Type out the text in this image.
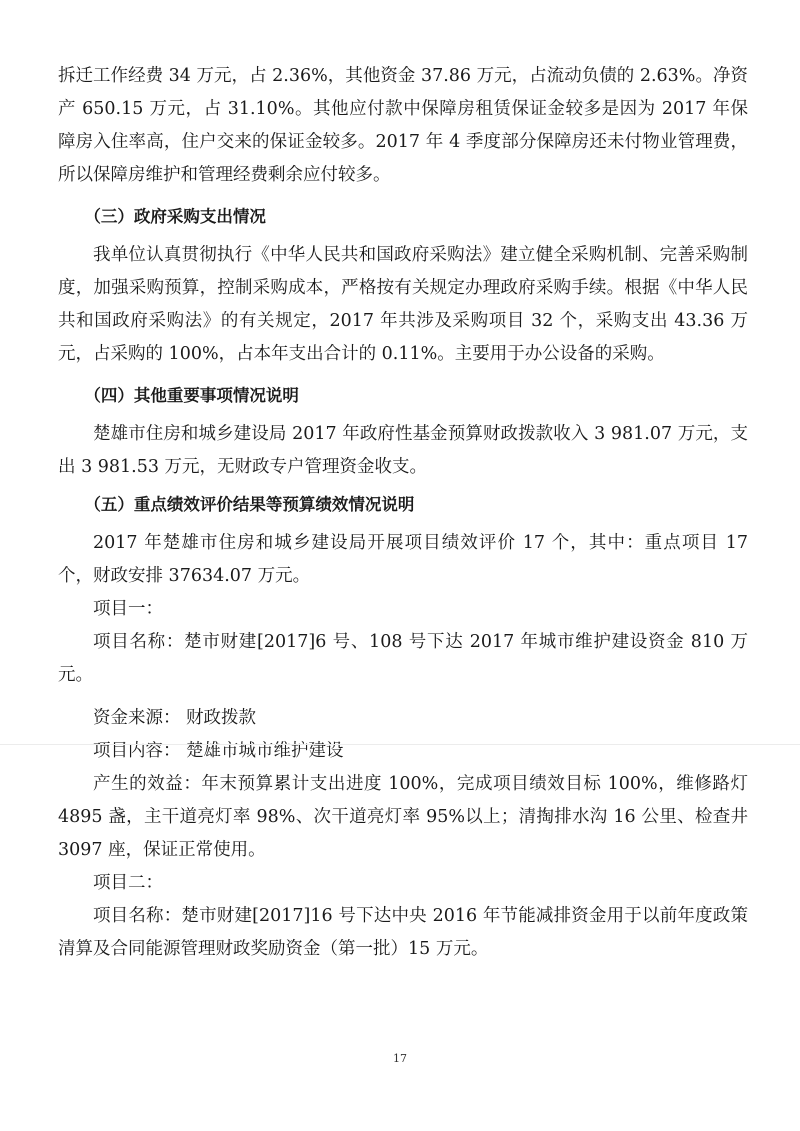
拆迁工作经费 34 万元，占 2.36%，其他资金 37.86 万元，占流动负债的 2.63%。净资产 650.15 万元，占 31.10%。其他应付款中保障房租赁保证金较多是因为 2017 年保障房入住率高，住户交来的保证金较多。2017 年 4 季度部分保障房还未付物业管理费，所以保障房维护和管理经费剩余应付较多。

（三）政府采购支出情况

我单位认真贯彻执行《中华人民共和国政府采购法》建立健全采购机制、完善采购制度，加强采购预算，控制采购成本，严格按有关规定办理政府采购手续。根据《中华人民共和国政府采购法》的有关规定，2017 年共涉及采购项目 32 个，采购支出 43.36 万元，占采购的 100%，占本年支出合计的 0.11%。主要用于办公设备的采购。

（四）其他重要事项情况说明

楚雄市住房和城乡建设局 2017 年政府性基金预算财政拨款收入 3 981.07 万元，支出 3 981.53 万元，无财政专户管理资金收支。

（五）重点绩效评价结果等预算绩效情况说明

2017 年楚雄市住房和城乡建设局开展项目绩效评价 17 个，其中：重点项目 17 个，财政安排 37634.07 万元。

项目一：

项目名称：楚市财建[2017]6 号、108 号下达 2017 年城市维护建设资金 810 万元。

资金来源： 财政拨款

项目内容： 楚雄市城市维护建设

产生的效益：年末预算累计支出进度 100%，完成项目绩效目标 100%，维修路灯 4895 盏，主干道亮灯率 98%、次干道亮灯率 95%以上；清掏排水沟 16 公里、检查井 3097 座，保证正常使用。

项目二：

项目名称：楚市财建[2017]16 号下达中央 2016 年节能减排资金用于以前年度政策清算及合同能源管理财政奖励资金（第一批）15 万元。

17
